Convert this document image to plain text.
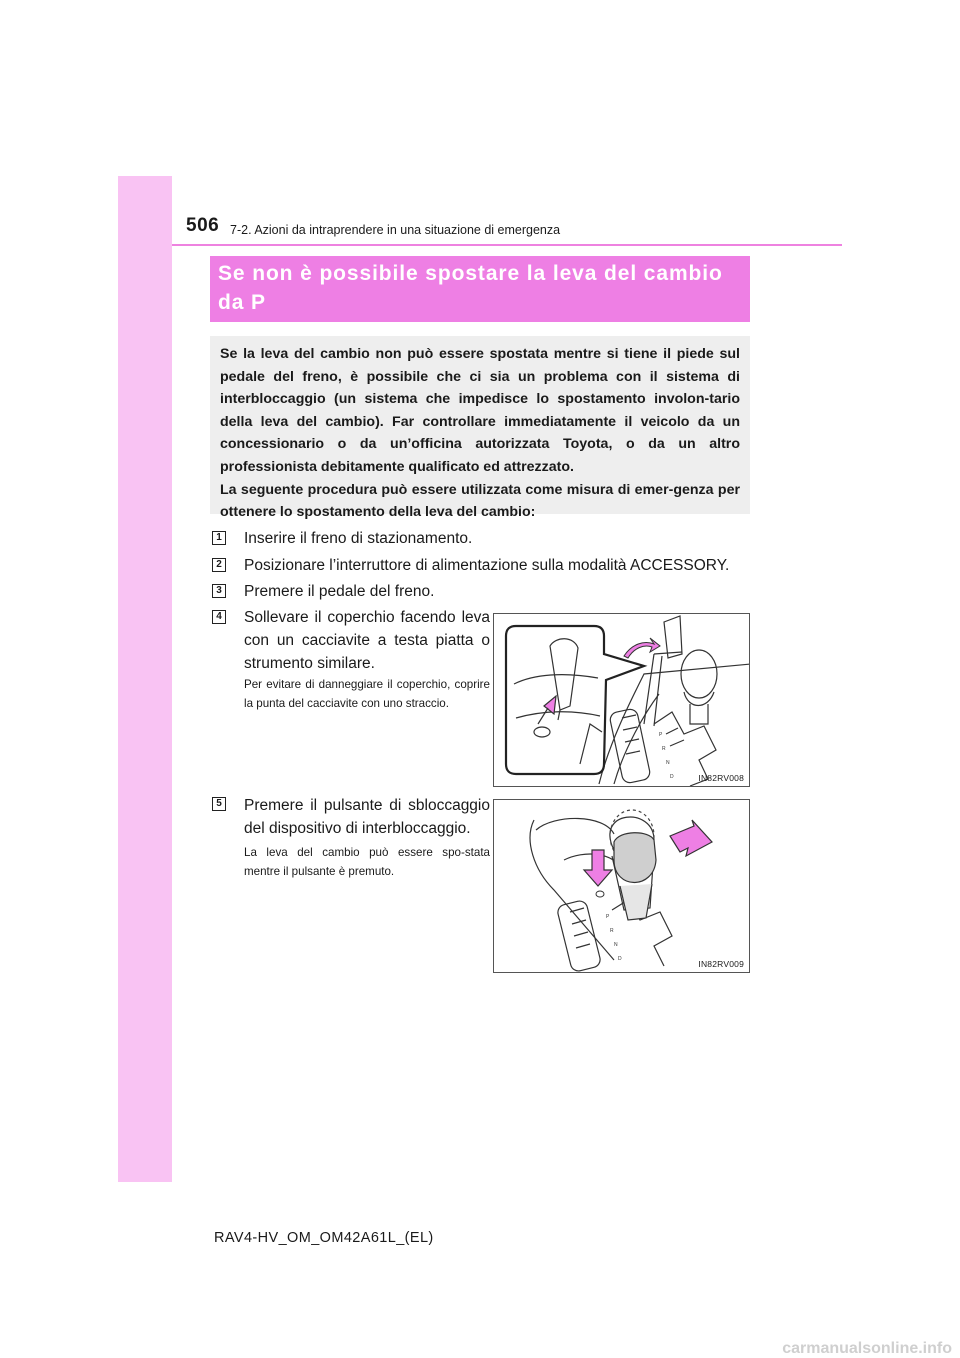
506 7-2. Azioni da intraprendere in una situazione di emergenza
Se non è possibile spostare la leva del cambio
da P

Se la leva del cambio non può essere spostata mentre si tiene il piede sul pedale del freno, è possibile che ci sia un problema con il sistema di interbloccaggio (un sistema che impedisce lo spostamento involon-tario della leva del cambio). Far controllare immediatamente il veicolo da un concessionario o da un’officina autorizzata Toyota, o da un altro professionista debitamente qualificato ed attrezzato.

La seguente procedura può essere utilizzata come misura di emer-genza per ottenere lo spostamento della leva del cambio:

1 Inserire il freno di stazionamento.
2 Posizionare l’interruttore di alimentazione sulla modalità ACCESSORY.
3 Premere il pedale del freno.
4 Sollevare il coperchio facendo leva con un cacciavite a testa piatta o strumento similare.
Per evitare di danneggiare il coperchio, coprire la punta del cacciavite con uno straccio.
P
R
N
D	IN82RV008
5 Premere il pulsante di sbloccaggio del dispositivo di interbloccaggio.
La leva del cambio può essere spo-stata mentre il pulsante è premuto.
P
R
N
D	IN82RV009
RAV4-HV_OM_OM42A61L_(EL)
carmanualsonline.info
